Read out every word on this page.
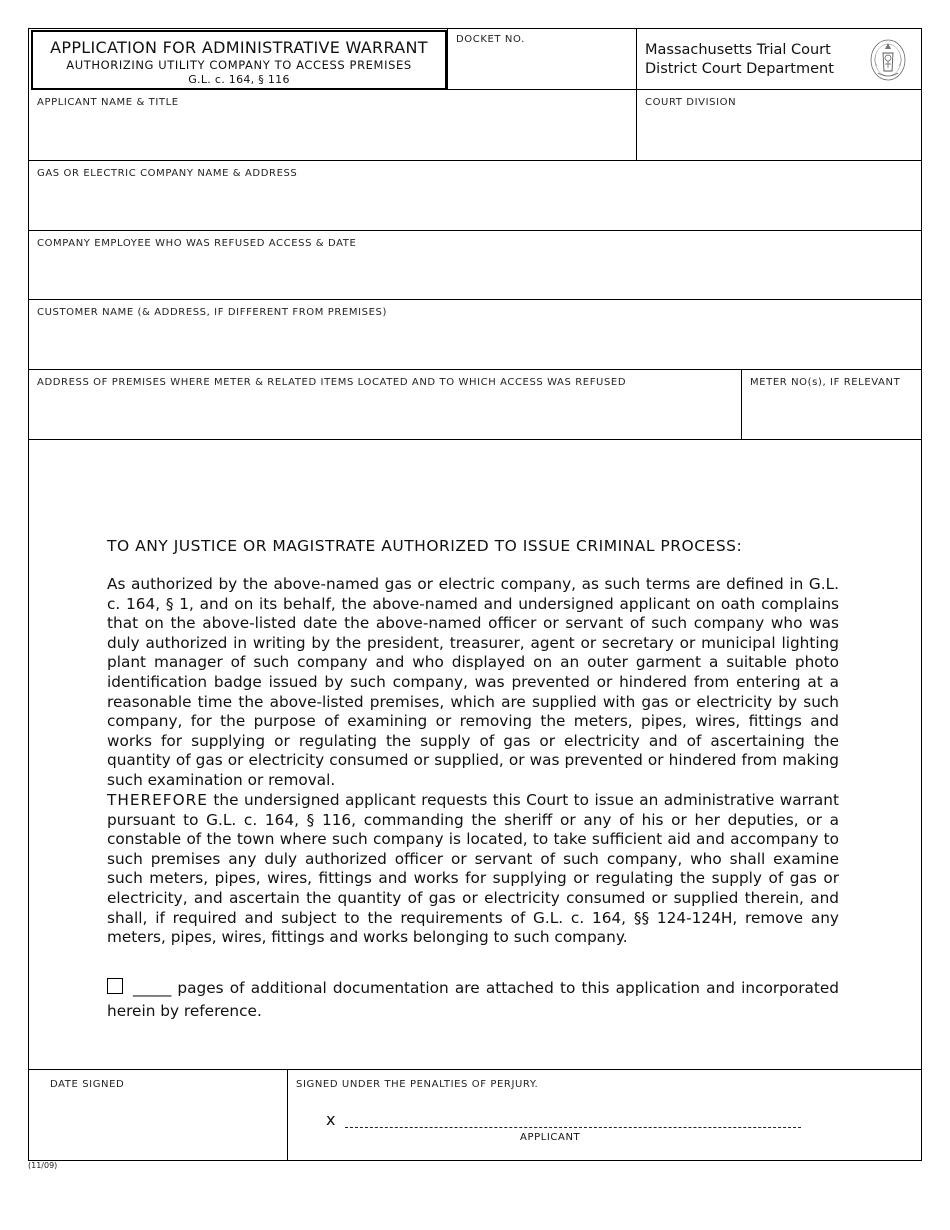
APPLICATION FOR ADMINISTRATIVE WARRANT
AUTHORIZING UTILITY COMPANY TO ACCESS PREMISES
G.L. c. 164, § 116
DOCKET NO.
Massachusetts Trial Court
District Court Department
APPLICANT NAME & TITLE	COURT DIVISION
GAS OR ELECTRIC COMPANY NAME & ADDRESS
COMPANY EMPLOYEE WHO WAS REFUSED ACCESS & DATE
CUSTOMER NAME (& ADDRESS, IF DIFFERENT FROM PREMISES)
ADDRESS OF PREMISES WHERE METER & RELATED ITEMS LOCATED AND TO WHICH ACCESS WAS REFUSED	METER NO(s), IF RELEVANT
TO ANY JUSTICE OR MAGISTRATE AUTHORIZED TO ISSUE CRIMINAL PROCESS:

As authorized by the above-named gas or electric company, as such terms are defined in G.L. c. 164, § 1, and on its behalf, the above-named and undersigned applicant on oath complains that on the above-listed date the above-named officer or servant of such company who was duly authorized in writing by the president, treasurer, agent or secretary or municipal lighting plant manager of such company and who displayed on an outer garment a suitable photo identification badge issued by such company, was prevented or hindered from entering at a reasonable time the above-listed premises, which are supplied with gas or electricity by such company, for the purpose of examining or removing the meters, pipes, wires, fittings and works for supplying or regulating the supply of gas or electricity and of ascertaining the quantity of gas or electricity consumed or supplied, or was prevented or hindered from making such examination or removal.

THEREFORE the undersigned applicant requests this Court to issue an administrative warrant pursuant to G.L. c. 164, § 116, commanding the sheriff or any of his or her deputies, or a constable of the town where such company is located, to take sufficient aid and accompany to such premises any duly authorized officer or servant of such company, who shall examine such meters, pipes, wires, fittings and works for supplying or regulating the supply of gas or electricity, and ascertain the quantity of gas or electricity consumed or supplied therein, and shall, if required and subject to the requirements of G.L. c. 164, §§ 124-124H, remove any meters, pipes, wires, fittings and works belonging to such company.

_____ pages of additional documentation are attached to this application and incorporated herein by reference.
DATE SIGNED	SIGNED UNDER THE PENALTIES OF PERJURY.
x
APPLICANT
(11/09)
